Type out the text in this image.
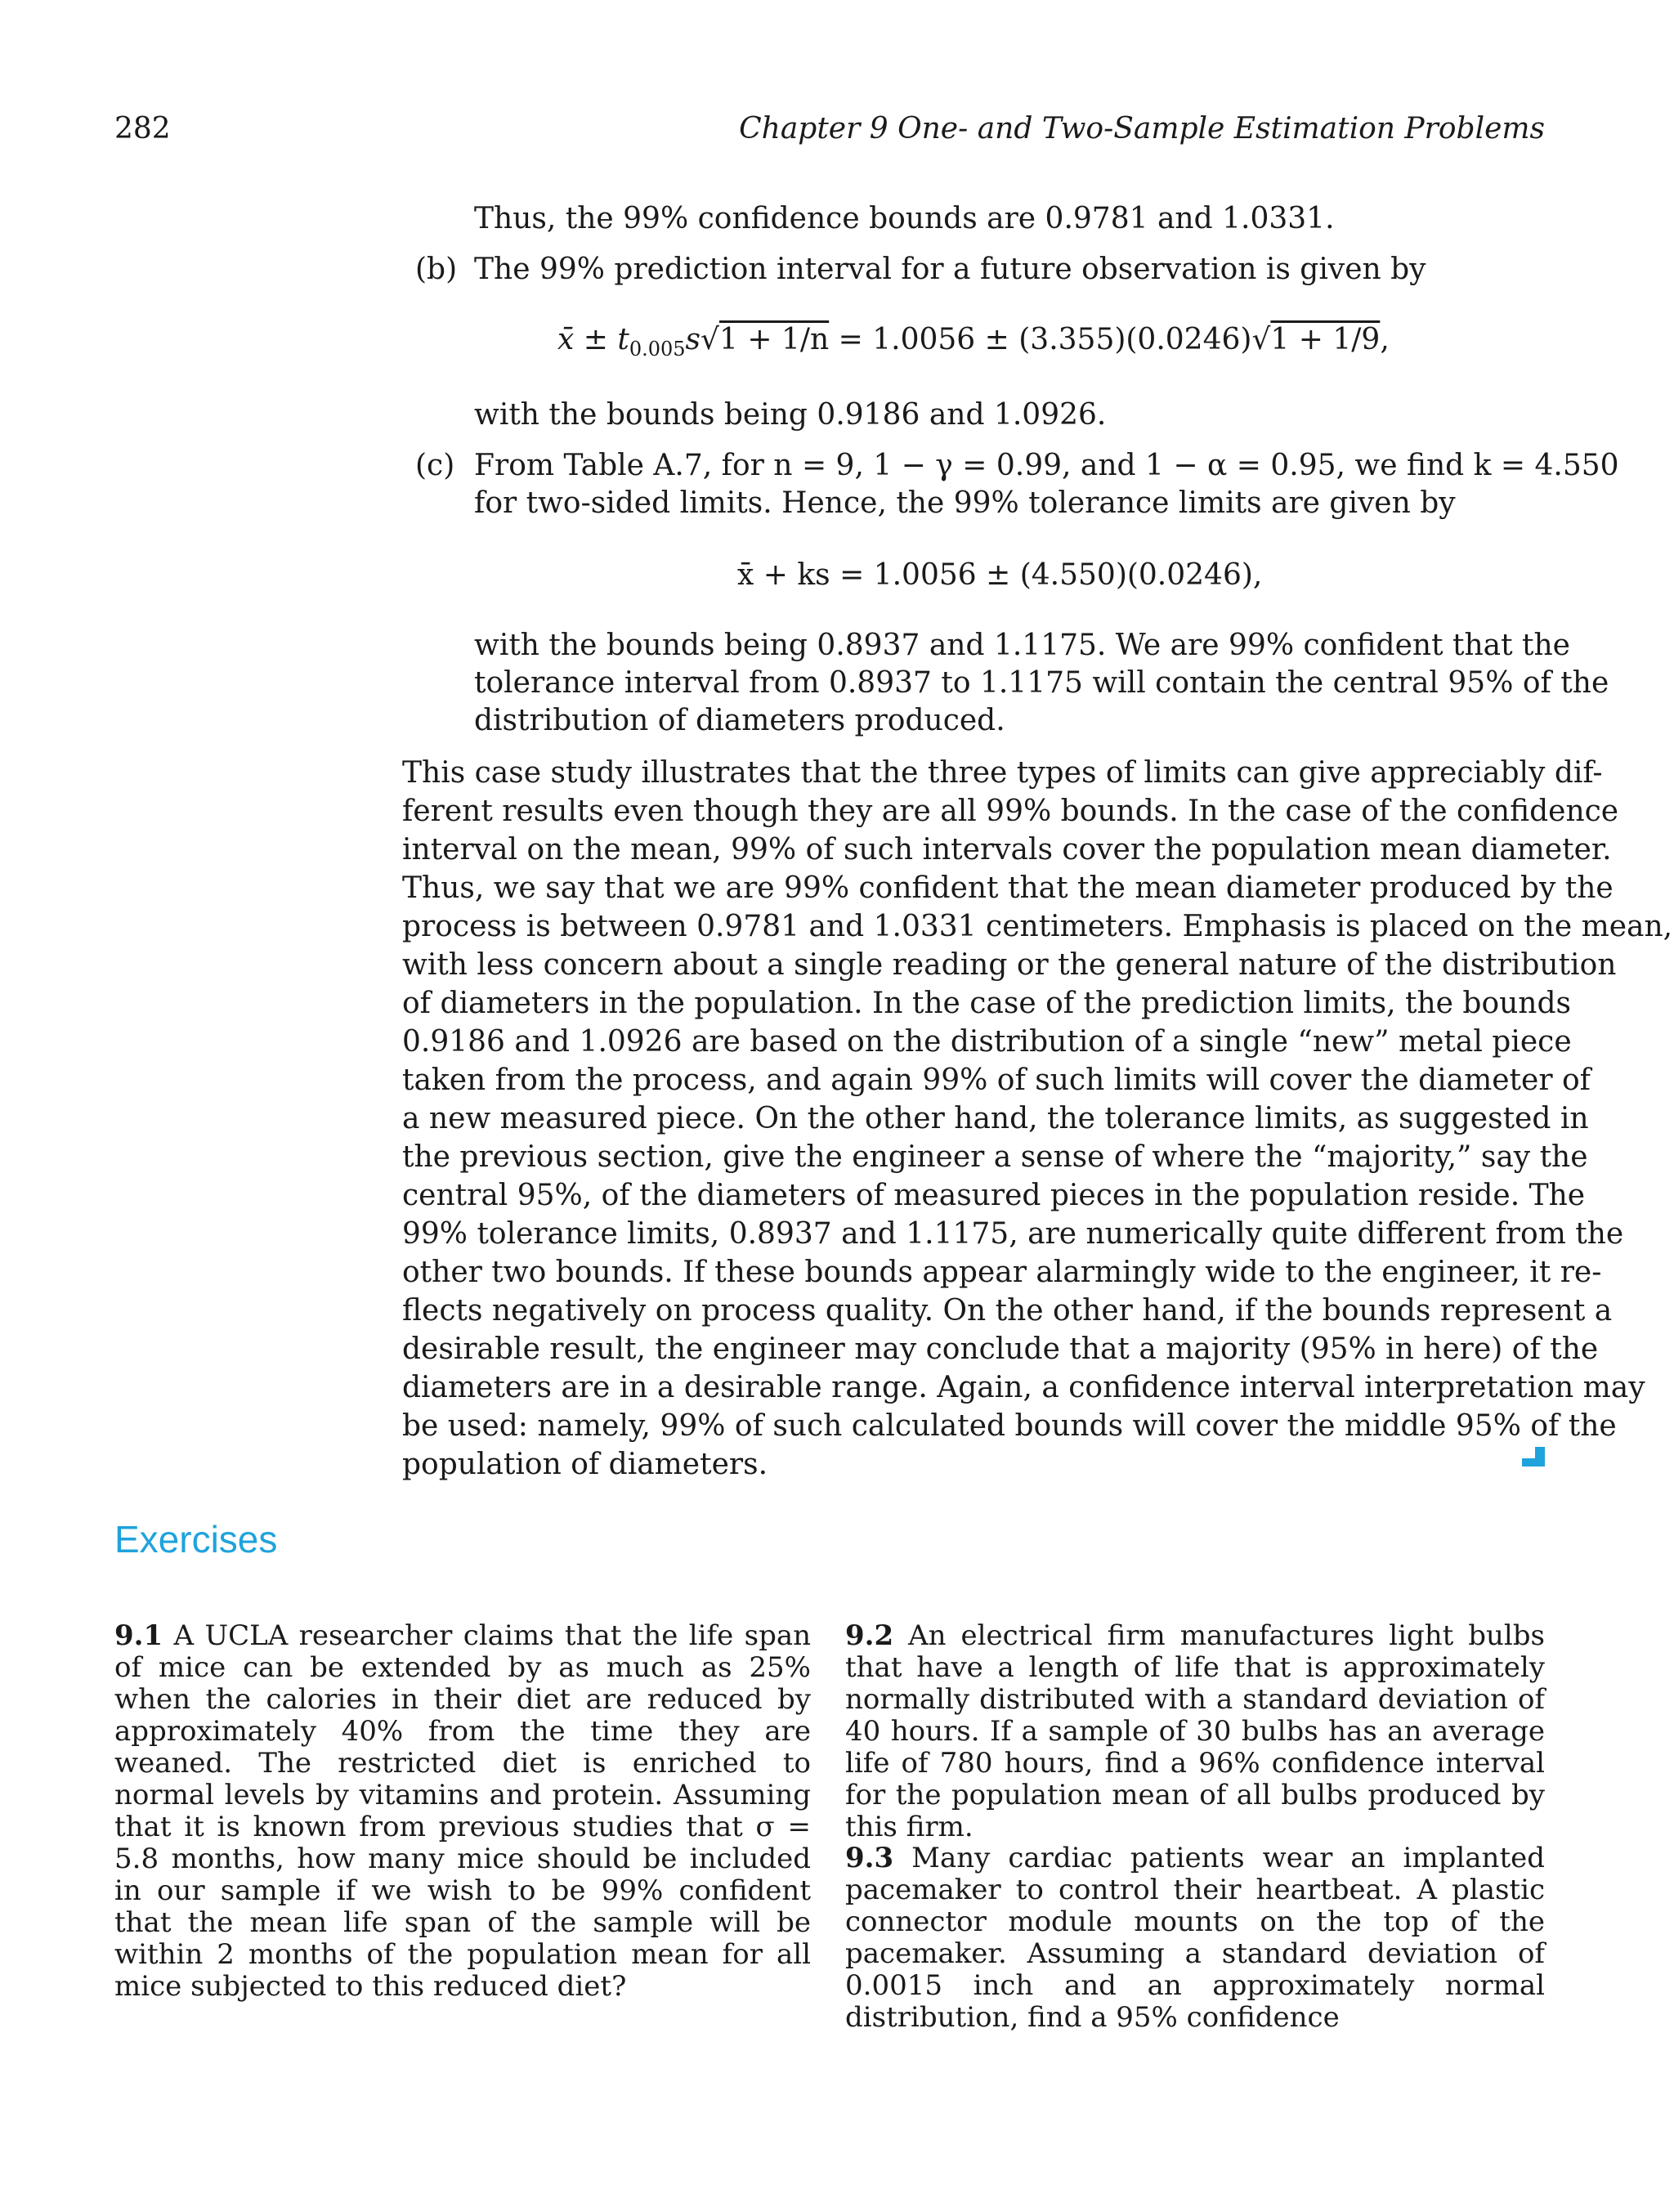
282	Chapter 9 One- and Two-Sample Estimation Problems
Thus, the 99% confidence bounds are 0.9781 and 1.0331.
(b) The 99% prediction interval for a future observation is given by
x̄ ± $t_{0.005}s√1 + 1/n = 1.0056 \pm (3.355)(0.0246)√1 + 1/9$,
with the bounds being 0.9186 and 1.0926.
(c) From Table A.7, for n = 9, 1 − γ = 0.99, and 1 − α = 0.95, we find k = 4.550
for two-sided limits. Hence, the 99% tolerance limits are given by
x̄ + ks = 1.0056 ± (4.550)(0.0246),
with the bounds being 0.8937 and 1.1175. We are 99% confident that the
tolerance interval from 0.8937 to 1.1175 will contain the central 95% of the
distribution of diameters produced.
This case study illustrates that the three types of limits can give appreciably dif-
ferent results even though they are all 99% bounds. In the case of the confidence
interval on the mean, 99% of such intervals cover the population mean diameter.
Thus, we say that we are 99% confident that the mean diameter produced by the
process is between 0.9781 and 1.0331 centimeters. Emphasis is placed on the mean,
with less concern about a single reading or the general nature of the distribution
of diameters in the population. In the case of the prediction limits, the bounds
0.9186 and 1.0926 are based on the distribution of a single “new” metal piece
taken from the process, and again 99% of such limits will cover the diameter of
a new measured piece. On the other hand, the tolerance limits, as suggested in
the previous section, give the engineer a sense of where the “majority,” say the
central 95%, of the diameters of measured pieces in the population reside. The
99% tolerance limits, 0.8937 and 1.1175, are numerically quite different from the
other two bounds. If these bounds appear alarmingly wide to the engineer, it re-
flects negatively on process quality. On the other hand, if the bounds represent a
desirable result, the engineer may conclude that a majority (95% in here) of the
diameters are in a desirable range. Again, a confidence interval interpretation may
be used: namely, 99% of such calculated bounds will cover the middle 95% of the
population of diameters.
Exercises

9.1 A UCLA researcher claims that the life span of mice can be extended by as much as 25% when the calories in their diet are reduced by approximately 40% from the time they are weaned. The restricted diet is enriched to normal levels by vitamins and protein. Assuming that it is known from previous studies that σ = 5.8 months, how many mice should be included in our sample if we wish to be 99% confident that the mean life span of the sample will be within 2 months of the population mean for all mice subjected to this reduced diet?

9.2 An electrical firm manufactures light bulbs that have a length of life that is approximately normally distributed with a standard deviation of 40 hours. If a sample of 30 bulbs has an average life of 780 hours, find a 96% confidence interval for the population mean of all bulbs produced by this firm.

9.3 Many cardiac patients wear an implanted pacemaker to control their heartbeat. A plastic connector module mounts on the top of the pacemaker. Assuming a standard deviation of 0.0015 inch and an approximately normal distribution, find a 95% confidence
